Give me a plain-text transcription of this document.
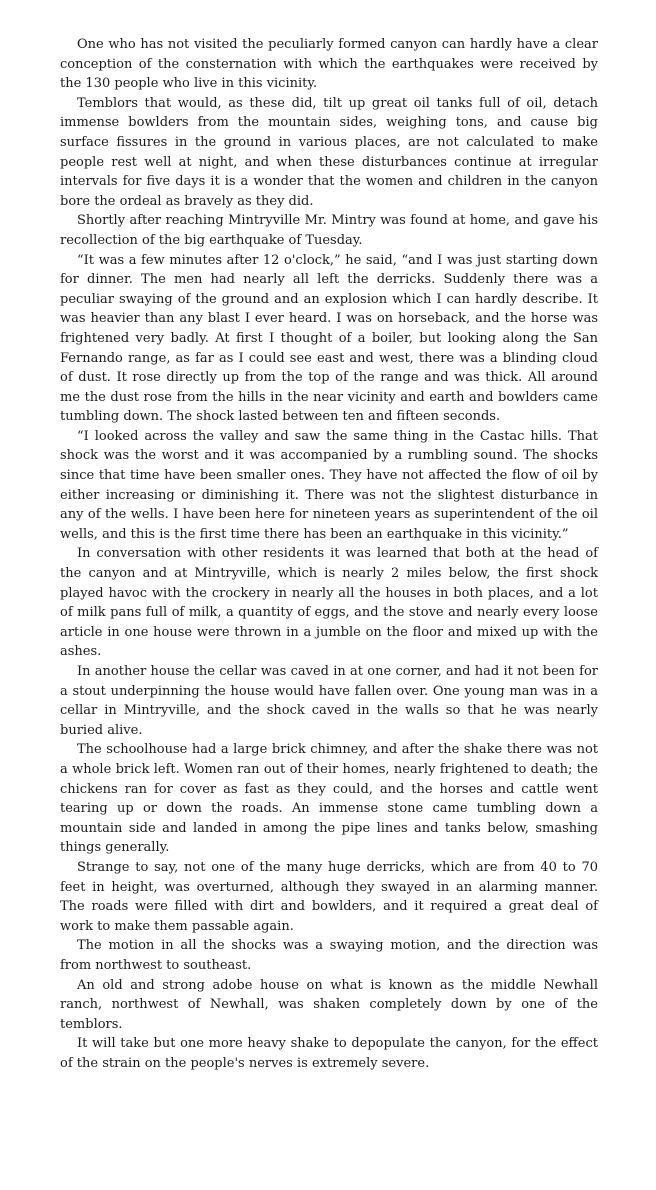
One who has not visited the peculiarly formed canyon can hardly have a clear conception of the consternation with which the earthquakes were received by the 130 people who live in this vicinity.

Temblors that would, as these did, tilt up great oil tanks full of oil, detach immense bowlders from the mountain sides, weighing tons, and cause big surface fissures in the ground in various places, are not calculated to make people rest well at night, and when these disturbances continue at irregular intervals for five days it is a wonder that the women and children in the canyon bore the ordeal as bravely as they did.

Shortly after reaching Mintryville Mr. Mintry was found at home, and gave his recollection of the big earthquake of Tuesday.

“It was a few minutes after 12 o'clock,” he said, “and I was just starting down for dinner. The men had nearly all left the derricks. Suddenly there was a peculiar swaying of the ground and an explosion which I can hardly describe. It was heavier than any blast I ever heard. I was on horseback, and the horse was frightened very badly. At first I thought of a boiler, but looking along the San Fernando range, as far as I could see east and west, there was a blinding cloud of dust. It rose directly up from the top of the range and was thick. All around me the dust rose from the hills in the near vicinity and earth and bowlders came tumbling down. The shock lasted between ten and fifteen seconds.

“I looked across the valley and saw the same thing in the Castac hills. That shock was the worst and it was accompanied by a rumbling sound. The shocks since that time have been smaller ones. They have not affected the flow of oil by either increasing or diminishing it. There was not the slightest disturbance in any of the wells. I have been here for nineteen years as superintendent of the oil wells, and this is the first time there has been an earthquake in this vicinity.”

In conversation with other residents it was learned that both at the head of the canyon and at Mintryville, which is nearly 2 miles below, the first shock played havoc with the crockery in nearly all the houses in both places, and a lot of milk pans full of milk, a quantity of eggs, and the stove and nearly every loose article in one house were thrown in a jumble on the floor and mixed up with the ashes.

In another house the cellar was caved in at one corner, and had it not been for a stout underpinning the house would have fallen over. One young man was in a cellar in Mintryville, and the shock caved in the walls so that he was nearly buried alive.

The schoolhouse had a large brick chimney, and after the shake there was not a whole brick left. Women ran out of their homes, nearly frightened to death; the chickens ran for cover as fast as they could, and the horses and cattle went tearing up or down the roads. An immense stone came tumbling down a mountain side and landed in among the pipe lines and tanks below, smashing things generally.

Strange to say, not one of the many huge derricks, which are from 40 to 70 feet in height, was overturned, although they swayed in an alarming manner. The roads were filled with dirt and bowlders, and it required a great deal of work to make them passable again.

The motion in all the shocks was a swaying motion, and the direction was from northwest to southeast.

An old and strong adobe house on what is known as the middle Newhall ranch, northwest of Newhall, was shaken completely down by one of the temblors.

It will take but one more heavy shake to depopulate the canyon, for the effect of the strain on the people's nerves is extremely severe.
